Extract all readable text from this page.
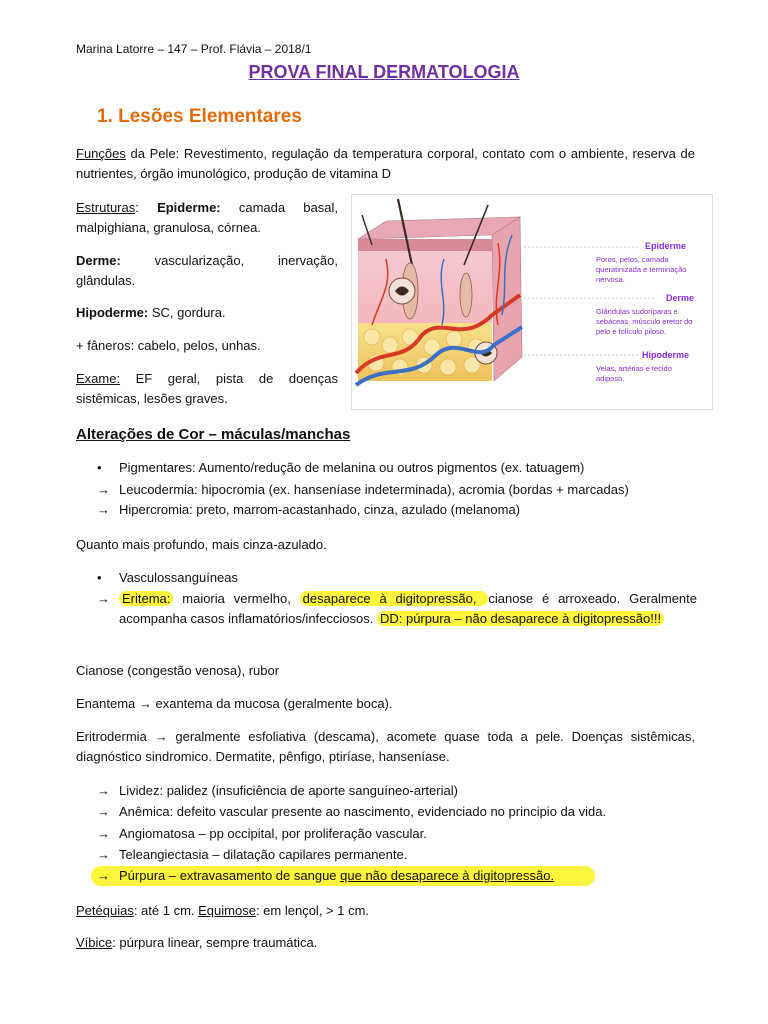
Marina Latorre – 147 – Prof. Flávia – 2018/1
PROVA FINAL DERMATOLOGIA
1. Lesões Elementares
Funções da Pele: Revestimento, regulação da temperatura corporal, contato com o ambiente, reserva de nutrientes, órgão imunológico, produção de vitamina D
Estruturas: Epiderme: camada basal, malpighiana, granulosa, córnea.
Derme: vascularização, inervação, glândulas.
Hipoderme: SC, gordura.
+ fâneros: cabelo, pelos, unhas.
Exame: EF geral, pista de doenças sistêmicas, lesões graves.
Epiderme
Poros, pelos, camada
queratinizada e terminação
nervosa.
Derme
Glândulas sudoríparas e
sebáceas, músculo eretor do
pelo e folículo piloso.
Hipoderme
Veias, artérias e tecido
adiposo.
Alterações de Cor – máculas/manchas
• Pigmentares: Aumento/redução de melanina ou outros pigmentos (ex. tatuagem)
→ Leucodermia: hipocromia (ex. hanseníase indeterminada), acromia (bordas + marcadas)
→ Hipercromia: preto, marrom-acastanhado, cinza, azulado (melanoma)
Quanto mais profundo, mais cinza-azulado.
• Vasculossanguíneas
→ Eritema: maioria vermelho, desaparece à digitopressão, cianose é arroxeado. Geralmente acompanha casos inflamatórios/infecciosos. DD: púrpura – não desaparece à digitopressão!!!
Cianose (congestão venosa), rubor
Enantema → exantema da mucosa (geralmente boca).
Eritrodermia → geralmente esfoliativa (descama), acomete quase toda a pele. Doenças sistêmicas, diagnóstico sindromico. Dermatite, pênfigo, ptiríase, hanseníase.
→ Lividez: palidez (insuficiência de aporte sanguíneo-arterial)
→ Anêmica: defeito vascular presente ao nascimento, evidenciado no principio da vida.
→ Angiomatosa – pp occipital, por proliferação vascular.
→ Teleangiectasia – dilatação capilares permanente.
→ Púrpura – extravasamento de sangue que não desaparece à digitopressão.
Petéquias: até 1 cm. Equimose: em lençol, > 1 cm.
Víbice: púrpura linear, sempre traumática.
